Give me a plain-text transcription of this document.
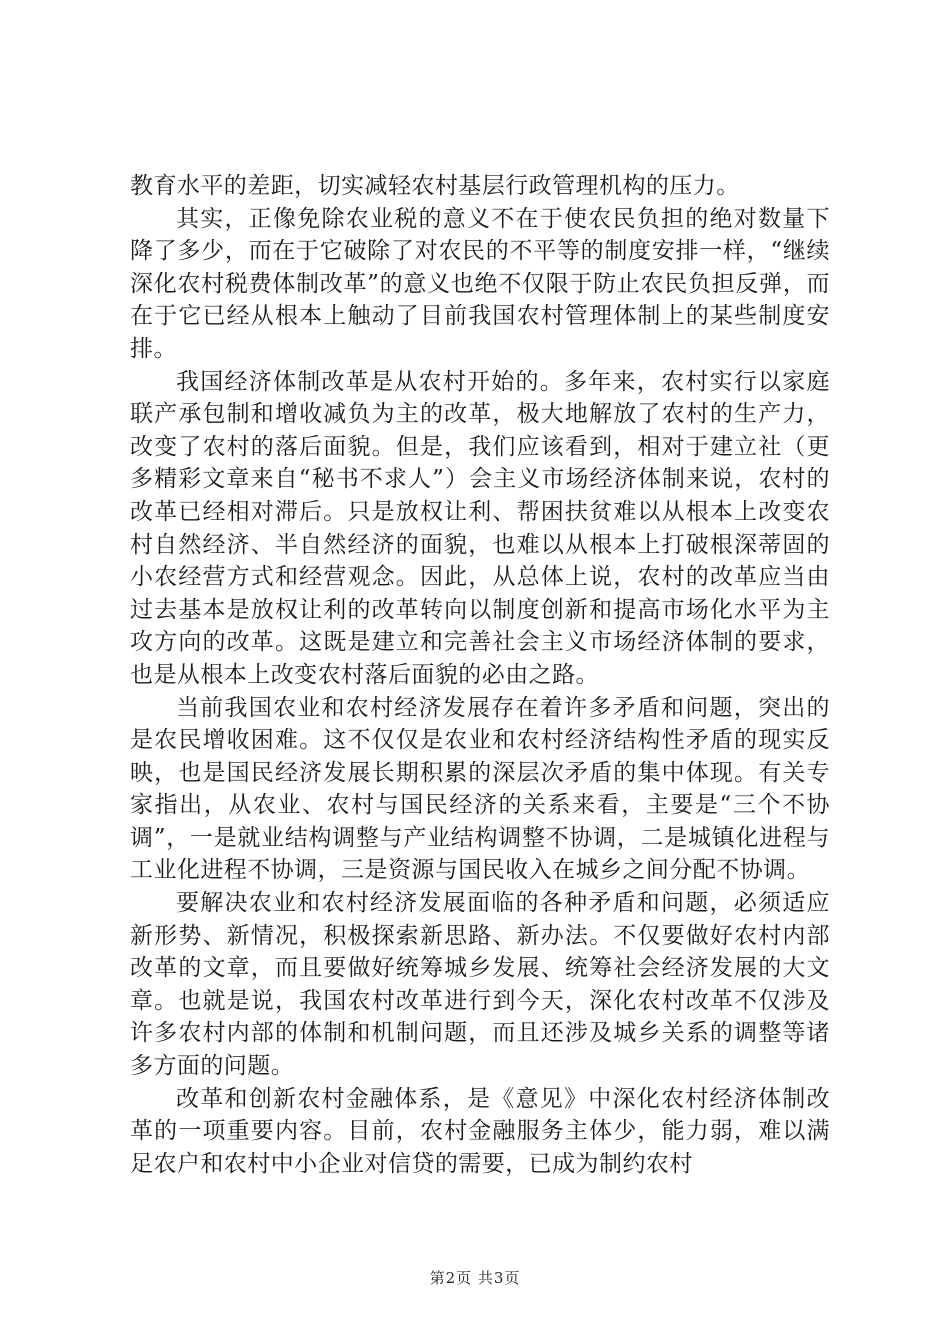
教育水平的差距，切实减轻农村基层行政管理机构的压力。

其实，正像免除农业税的意义不在于使农民负担的绝对数量下降了多少，而在于它破除了对农民的不平等的制度安排一样，“继续深化农村税费体制改革”的意义也绝不仅限于防止农民负担反弹，而在于它已经从根本上触动了目前我国农村管理体制上的某些制度安排。

我国经济体制改革是从农村开始的。多年来，农村实行以家庭联产承包制和增收减负为主的改革，极大地解放了农村的生产力，改变了农村的落后面貌。但是，我们应该看到，相对于建立社（更多精彩文章来自“秘书不求人”）会主义市场经济体制来说，农村的改革已经相对滞后。只是放权让利、帮困扶贫难以从根本上改变农村自然经济、半自然经济的面貌，也难以从根本上打破根深蒂固的小农经营方式和经营观念。因此，从总体上说，农村的改革应当由过去基本是放权让利的改革转向以制度创新和提高市场化水平为主攻方向的改革。这既是建立和完善社会主义市场经济体制的要求，也是从根本上改变农村落后面貌的必由之路。

当前我国农业和农村经济发展存在着许多矛盾和问题，突出的是农民增收困难。这不仅仅是农业和农村经济结构性矛盾的现实反映，也是国民经济发展长期积累的深层次矛盾的集中体现。有关专家指出，从农业、农村与国民经济的关系来看，主要是“三个不协调”，一是就业结构调整与产业结构调整不协调，二是城镇化进程与工业化进程不协调，三是资源与国民收入在城乡之间分配不协调。

要解决农业和农村经济发展面临的各种矛盾和问题，必须适应新形势、新情况，积极探索新思路、新办法。不仅要做好农村内部改革的文章，而且要做好统筹城乡发展、统筹社会经济发展的大文章。也就是说，我国农村改革进行到今天，深化农村改革不仅涉及许多农村内部的体制和机制问题，而且还涉及城乡关系的调整等诸多方面的问题。

改革和创新农村金融体系，是《意见》中深化农村经济体制改革的一项重要内容。目前，农村金融服务主体少，能力弱，难以满足农户和农村中小企业对信贷的需要，已成为制约农村

第2页 共3页
